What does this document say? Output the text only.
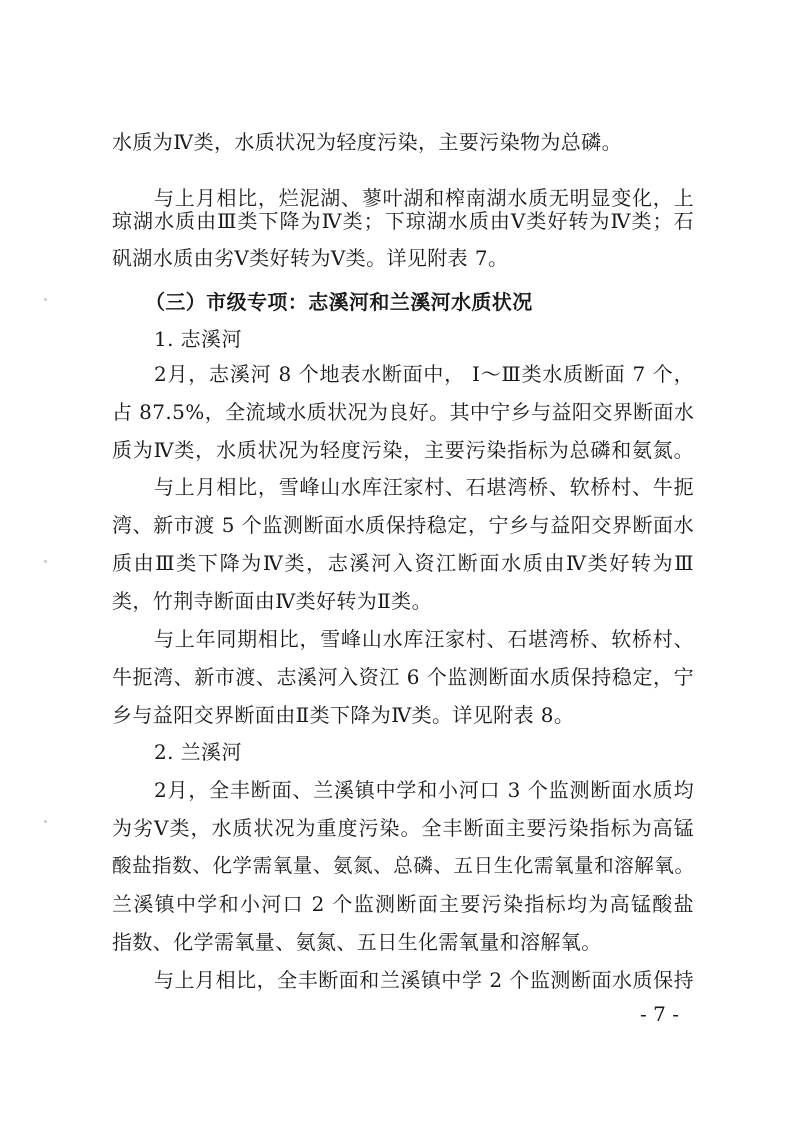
水质为Ⅳ类，水质状况为轻度污染，主要污染物为总磷。
与上月相比，烂泥湖、蓼叶湖和榨南湖水质无明显变化，上
琼湖水质由Ⅲ类下降为Ⅳ类；下琼湖水质由Ⅴ类好转为Ⅳ类；石
矾湖水质由劣Ⅴ类好转为Ⅴ类。详见附表 7。
（三）市级专项：志溪河和兰溪河水质状况
1. 志溪河
2月，志溪河 8 个地表水断面中， Ⅰ～Ⅲ类水质断面 7 个，
占 87.5%，全流域水质状况为良好。其中宁乡与益阳交界断面水
质为Ⅳ类，水质状况为轻度污染，主要污染指标为总磷和氨氮。
与上月相比，雪峰山水库汪家村、石堪湾桥、软桥村、牛扼
湾、新市渡 5 个监测断面水质保持稳定，宁乡与益阳交界断面水
质由Ⅲ类下降为Ⅳ类，志溪河入资江断面水质由Ⅳ类好转为Ⅲ
类，竹荆寺断面由Ⅳ类好转为Ⅱ类。
与上年同期相比，雪峰山水库汪家村、石堪湾桥、软桥村、
牛扼湾、新市渡、志溪河入资江 6 个监测断面水质保持稳定，宁
乡与益阳交界断面由Ⅱ类下降为Ⅳ类。详见附表 8。
2. 兰溪河
2月，全丰断面、兰溪镇中学和小河口 3 个监测断面水质均
为劣Ⅴ类，水质状况为重度污染。全丰断面主要污染指标为高锰
酸盐指数、化学需氧量、氨氮、总磷、五日生化需氧量和溶解氧。
兰溪镇中学和小河口 2 个监测断面主要污染指标均为高锰酸盐
指数、化学需氧量、氨氮、五日生化需氧量和溶解氧。
与上月相比，全丰断面和兰溪镇中学 2 个监测断面水质保持
- 7 -
